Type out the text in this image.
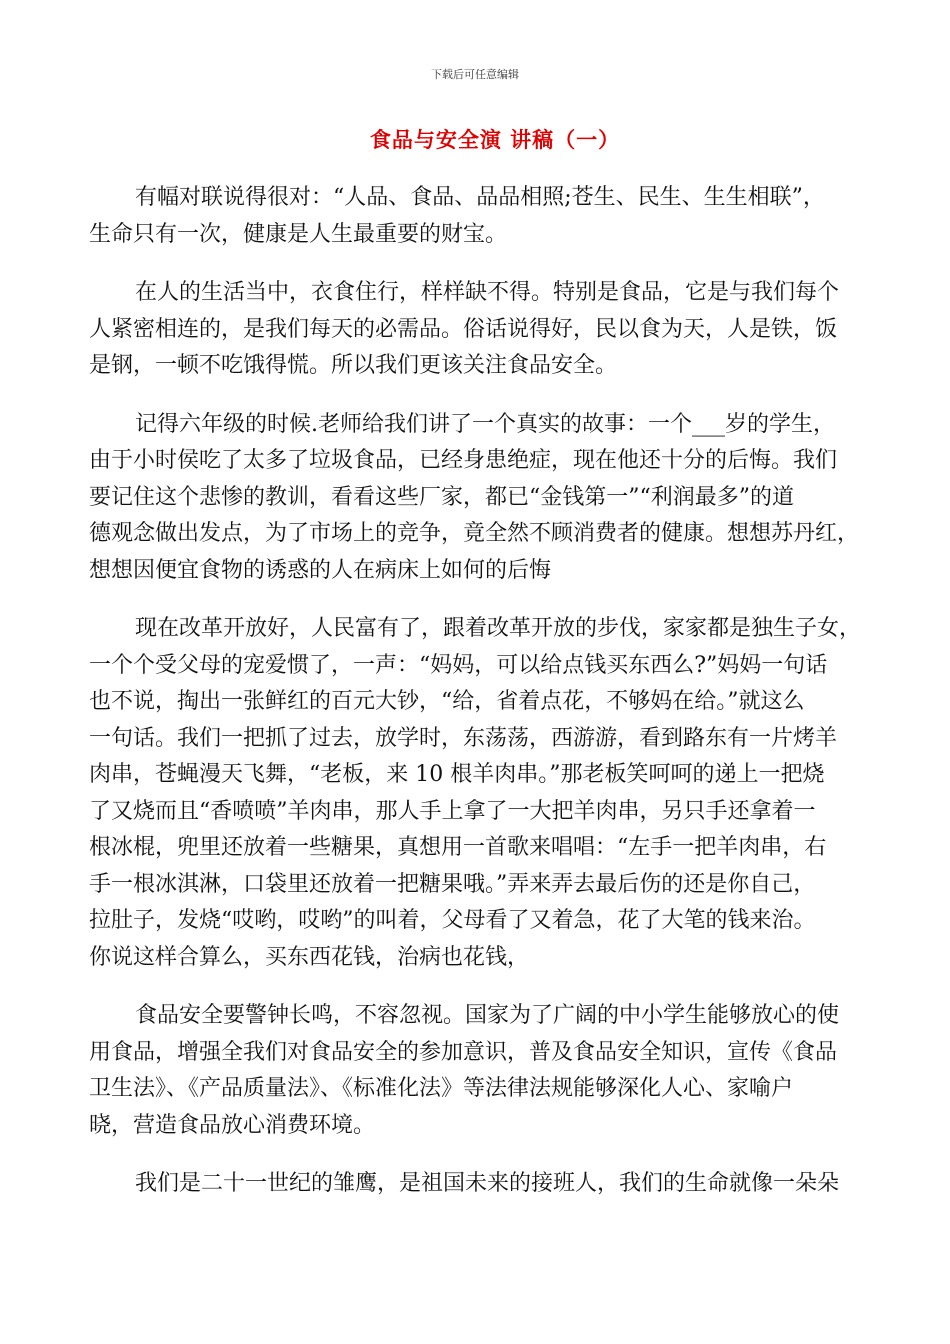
下载后可任意编辑
食品与安全演 讲稿（一）
有幅对联说得很对：“人品、食品、品品相照;苍生、民生、生生相联”，
生命只有一次，健康是人生最重要的财宝。
在人的生活当中，衣食住行，样样缺不得。特别是食品，它是与我们每个
人紧密相连的，是我们每天的必需品。俗话说得好，民以食为天，人是铁，饭
是钢，一顿不吃饿得慌。所以我们更该关注食品安全。
记得六年级的时候.老师给我们讲了一个真实的故事：一个___岁的学生，
由于小时侯吃了太多了垃圾食品，已经身患绝症，现在他还十分的后悔。我们
要记住这个悲惨的教训，看看这些厂家，都已“金钱第一”“利润最多”的道
德观念做出发点，为了市场上的竞争，竟全然不顾消费者的健康。想想苏丹红，
想想因便宜食物的诱惑的人在病床上如何的后悔
现在改革开放好，人民富有了，跟着改革开放的步伐，家家都是独生子女，
一个个受父母的宠爱惯了，一声：“妈妈，可以给点钱买东西么?”妈妈一句话
也不说，掏出一张鲜红的百元大钞，“给，省着点花，不够妈在给。”就这么
一句话。我们一把抓了过去，放学时，东荡荡，西游游，看到路东有一片烤羊
肉串，苍蝇漫天飞舞，“老板，来 10 根羊肉串。”那老板笑呵呵的递上一把烧
了又烧而且“香喷喷”羊肉串，那人手上拿了一大把羊肉串，另只手还拿着一
根冰棍，兜里还放着一些糖果，真想用一首歌来唱唱：“左手一把羊肉串，右
手一根冰淇淋，口袋里还放着一把糖果哦。”弄来弄去最后伤的还是你自己，
拉肚子，发烧“哎哟，哎哟”的叫着，父母看了又着急，花了大笔的钱来治。
你说这样合算么，买东西花钱，治病也花钱，
食品安全要警钟长鸣，不容忽视。国家为了广阔的中小学生能够放心的使
用食品，增强全我们对食品安全的参加意识，普及食品安全知识，宣传《食品
卫生法》、《产品质量法》、《标准化法》等法律法规能够深化人心、家喻户
晓，营造食品放心消费环境。
我们是二十一世纪的雏鹰，是祖国未来的接班人，我们的生命就像一朵朵
